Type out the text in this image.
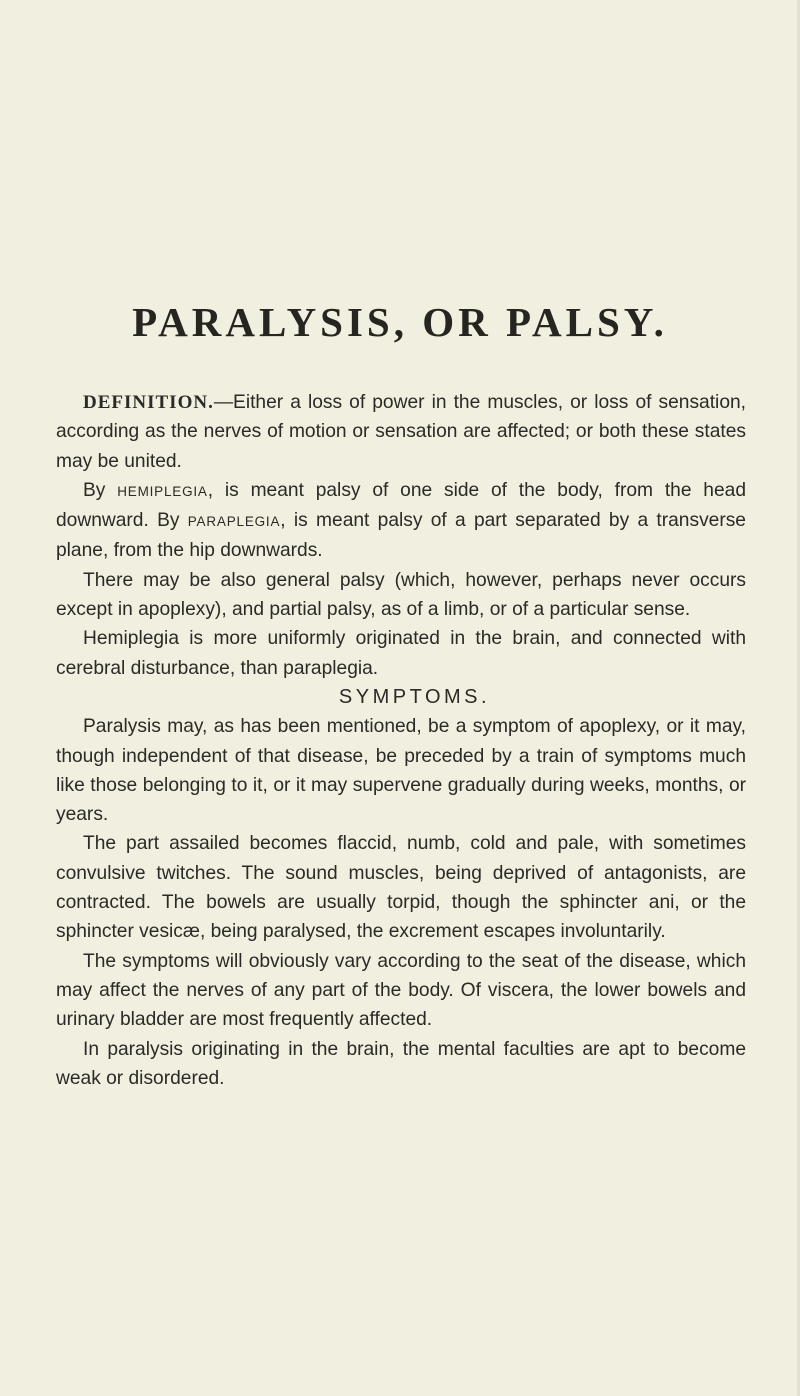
PARALYSIS, OR PALSY.

DEFINITION.—Either a loss of power in the muscles, or loss of sensation, according as the nerves of motion or sensation are affected; or both these states may be united.

By HEMIPLEGIA, is meant palsy of one side of the body, from the head downward. By PARAPLEGIA, is meant palsy of a part separated by a transverse plane, from the hip downwards.

There may be also general palsy (which, however, perhaps never occurs except in apoplexy), and partial palsy, as of a limb, or of a particular sense.

Hemiplegia is more uniformly originated in the brain, and connected with cerebral disturbance, than paraplegia.

SYMPTOMS.

Paralysis may, as has been mentioned, be a symptom of apoplexy, or it may, though independent of that disease, be preceded by a train of symptoms much like those belonging to it, or it may supervene gradually during weeks, months, or years.

The part assailed becomes flaccid, numb, cold and pale, with sometimes convulsive twitches. The sound muscles, being deprived of antagonists, are contracted. The bowels are usually torpid, though the sphincter ani, or the sphincter vesicæ, being paralysed, the excrement escapes involuntarily.

The symptoms will obviously vary according to the seat of the disease, which may affect the nerves of any part of the body. Of viscera, the lower bowels and urinary bladder are most frequently affected.

In paralysis originating in the brain, the mental faculties are apt to become weak or disordered.
